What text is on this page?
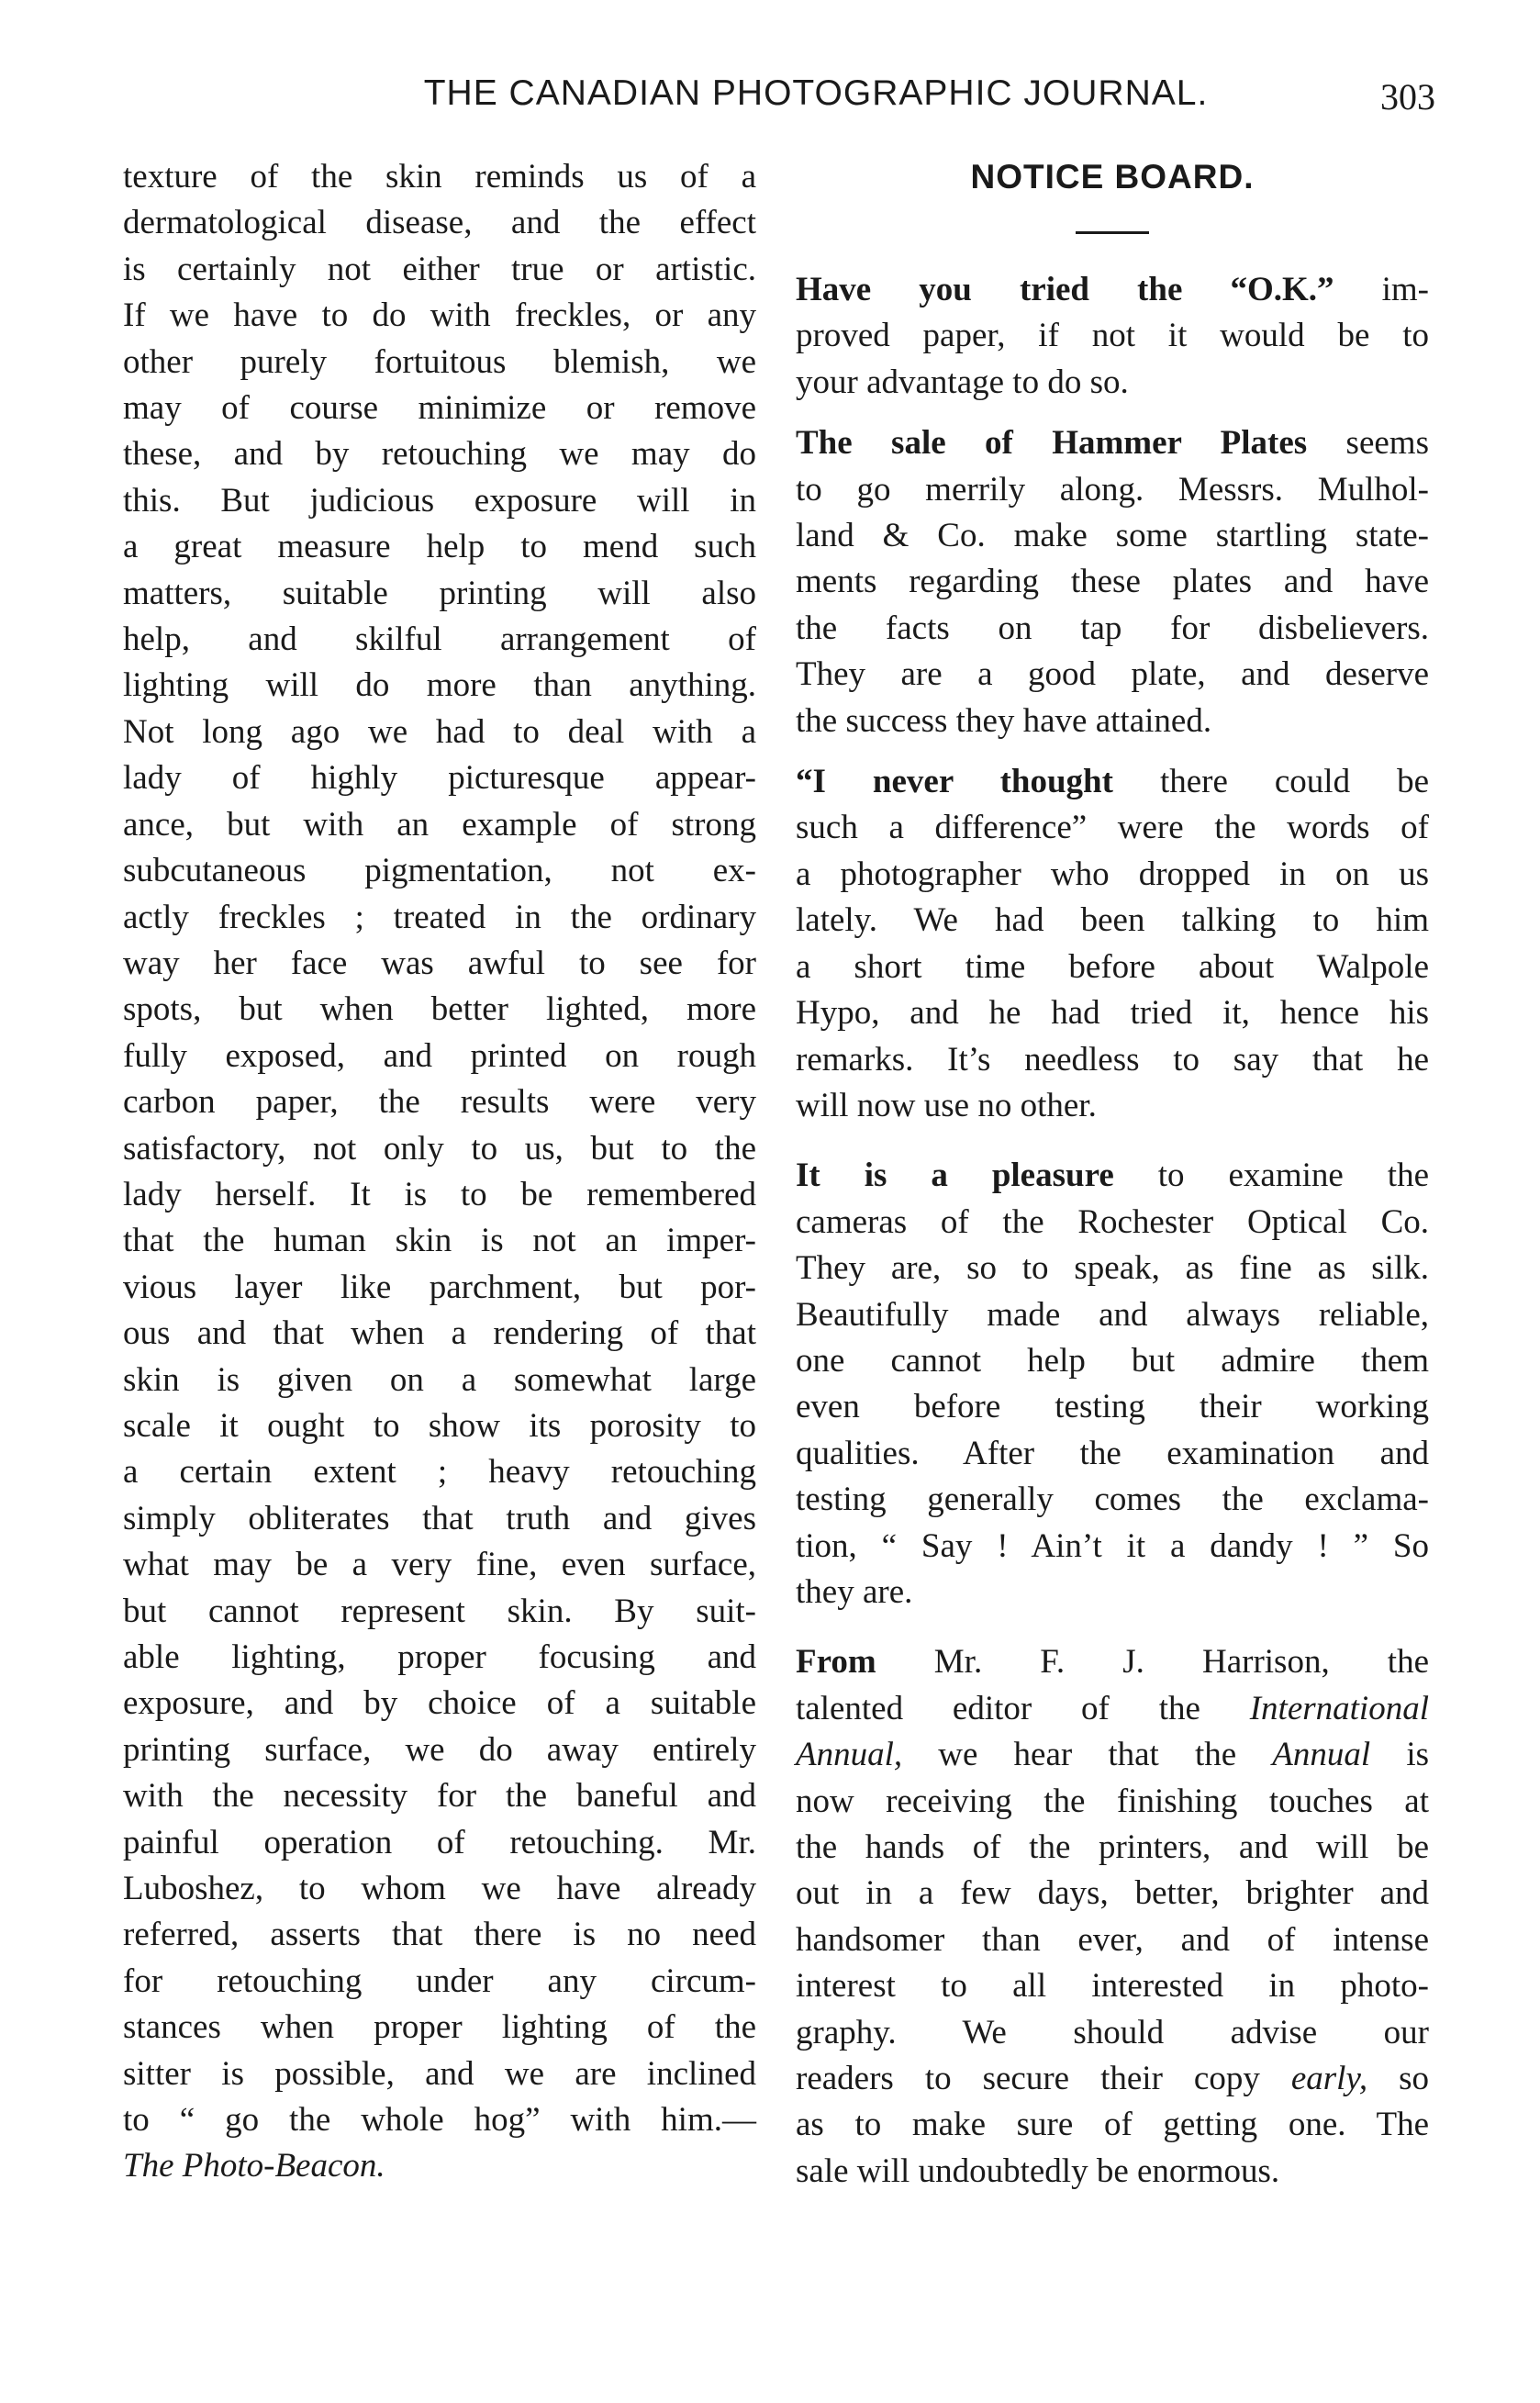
THE CANADIAN PHOTOGRAPHIC JOURNAL.	303
texture of the skin reminds us of a
dermatological disease, and the effect
is certainly not either true or artistic.
If we have to do with freckles, or any
other purely fortuitous blemish, we
may of course minimize or remove
these, and by retouching we may do
this. But judicious exposure will in
a great measure help to mend such
matters, suitable printing will also
help, and skilful arrangement of
lighting will do more than anything.
Not long ago we had to deal with a
lady of highly picturesque appear-
ance, but with an example of strong
subcutaneous pigmentation, not ex-
actly freckles ; treated in the ordinary
way her face was awful to see for
spots, but when better lighted, more
fully exposed, and printed on rough
carbon paper, the results were very
satisfactory, not only to us, but to the
lady herself. It is to be remembered
that the human skin is not an imper-
vious layer like parchment, but por-
ous and that when a rendering of that
skin is given on a somewhat large
scale it ought to show its porosity to
a certain extent ; heavy retouching
simply obliterates that truth and gives
what may be a very fine, even surface,
but cannot represent skin. By suit-
able lighting, proper focusing and
exposure, and by choice of a suitable
printing surface, we do away entirely
with the necessity for the baneful and
painful operation of retouching. Mr.
Luboshez, to whom we have already
referred, asserts that there is no need
for retouching under any circum-
stances when proper lighting of the
sitter is possible, and we are inclined
to “ go the whole hog” with him.—
The Photo-Beacon.
NOTICE BOARD.
Have you tried the “O.K.” im-
proved paper, if not it would be to
your advantage to do so.
The sale of Hammer Plates seems
to go merrily along. Messrs. Mulhol-
land & Co. make some startling state-
ments regarding these plates and have
the facts on tap for disbelievers.
They are a good plate, and deserve
the success they have attained.
“I never thought there could be
such a difference” were the words of
a photographer who dropped in on us
lately. We had been talking to him
a short time before about Walpole
Hypo, and he had tried it, hence his
remarks. It’s needless to say that he
will now use no other.
It is a pleasure to examine the
cameras of the Rochester Optical Co.
They are, so to speak, as fine as silk.
Beautifully made and always reliable,
one cannot help but admire them
even before testing their working
qualities. After the examination and
testing generally comes the exclama-
tion, “ Say ! Ain’t it a dandy ! ” So
they are.
From Mr. F. J. Harrison, the
talented editor of the International
Annual, we hear that the Annual is
now receiving the finishing touches at
the hands of the printers, and will be
out in a few days, better, brighter and
handsomer than ever, and of intense
interest to all interested in photo-
graphy. We should advise our
readers to secure their copy early, so
as to make sure of getting one. The
sale will undoubtedly be enormous.
